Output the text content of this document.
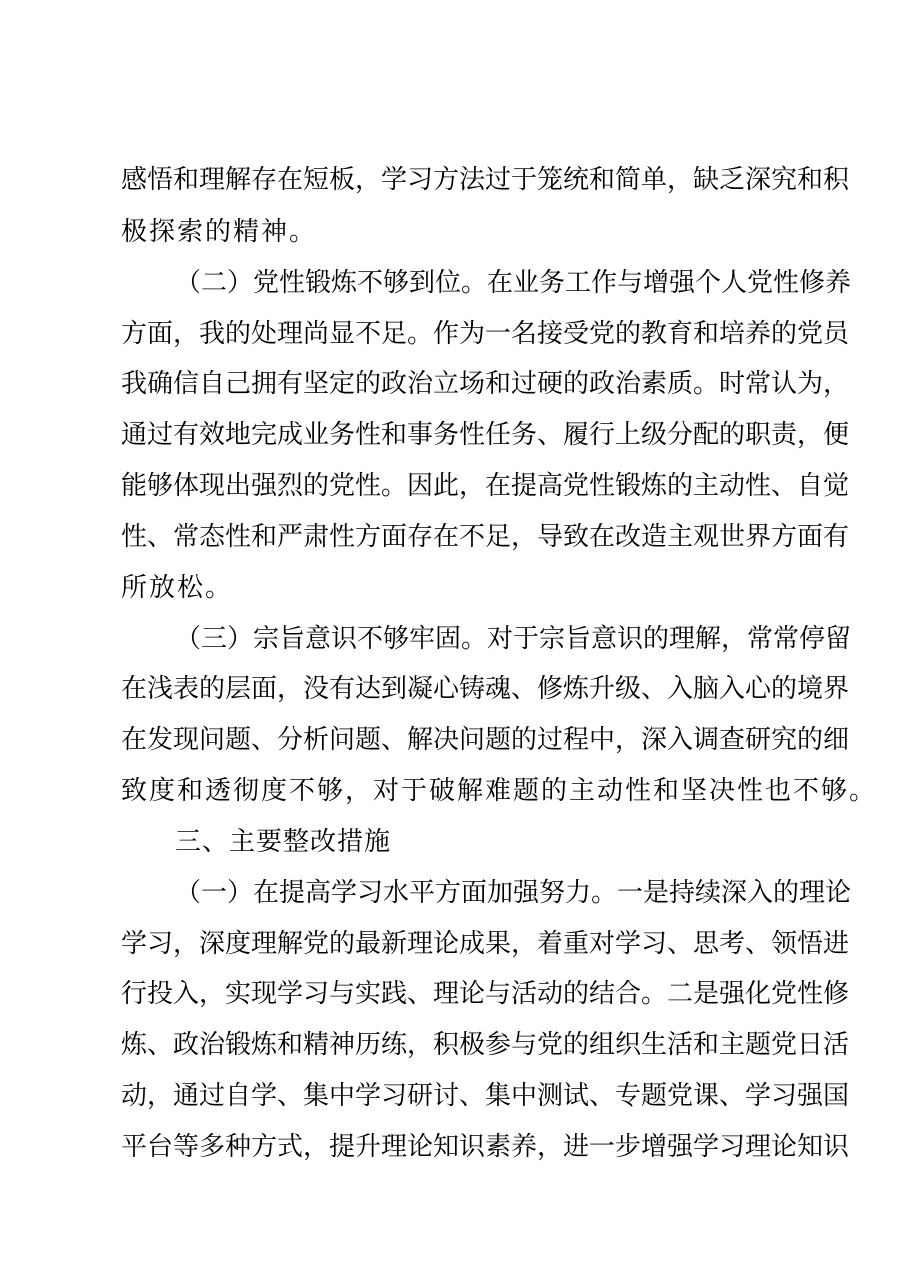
感悟和理解存在短板，学习方法过于笼统和简单，缺乏深究和积
极探索的精神。
（二）党性锻炼不够到位。在业务工作与增强个人党性修养
方面，我的处理尚显不足。作为一名接受党的教育和培养的党员
我确信自己拥有坚定的政治立场和过硬的政治素质。时常认为，
通过有效地完成业务性和事务性任务、履行上级分配的职责，便
能够体现出强烈的党性。因此，在提高党性锻炼的主动性、自觉
性、常态性和严肃性方面存在不足，导致在改造主观世界方面有
所放松。
（三）宗旨意识不够牢固。对于宗旨意识的理解，常常停留
在浅表的层面，没有达到凝心铸魂、修炼升级、入脑入心的境界
在发现问题、分析问题、解决问题的过程中，深入调查研究的细
致度和透彻度不够，对于破解难题的主动性和坚决性也不够。
三、主要整改措施
（一）在提高学习水平方面加强努力。一是持续深入的理论
学习，深度理解党的最新理论成果，着重对学习、思考、领悟进
行投入，实现学习与实践、理论与活动的结合。二是强化党性修
炼、政治锻炼和精神历练，积极参与党的组织生活和主题党日活
动，通过自学、集中学习研讨、集中测试、专题党课、学习强国
平台等多种方式，提升理论知识素养，进一步增强学习理论知识
